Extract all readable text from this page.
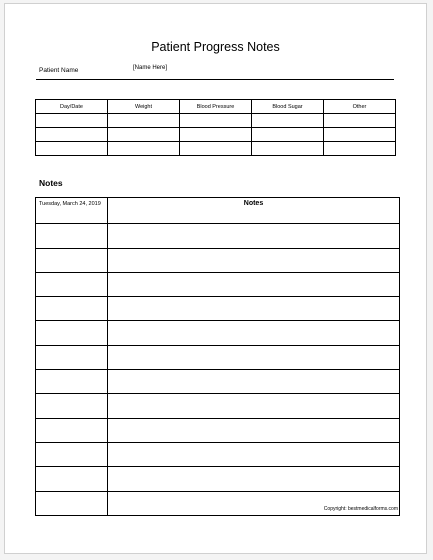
Patient Progress Notes
Patient Name	[Name Here]
Day/Date	Weight	Blood Pressure	Blood Sugar	Other

Notes
Tuesday, March 24, 2019	Notes

Copyright: bestmedicalforms.com
